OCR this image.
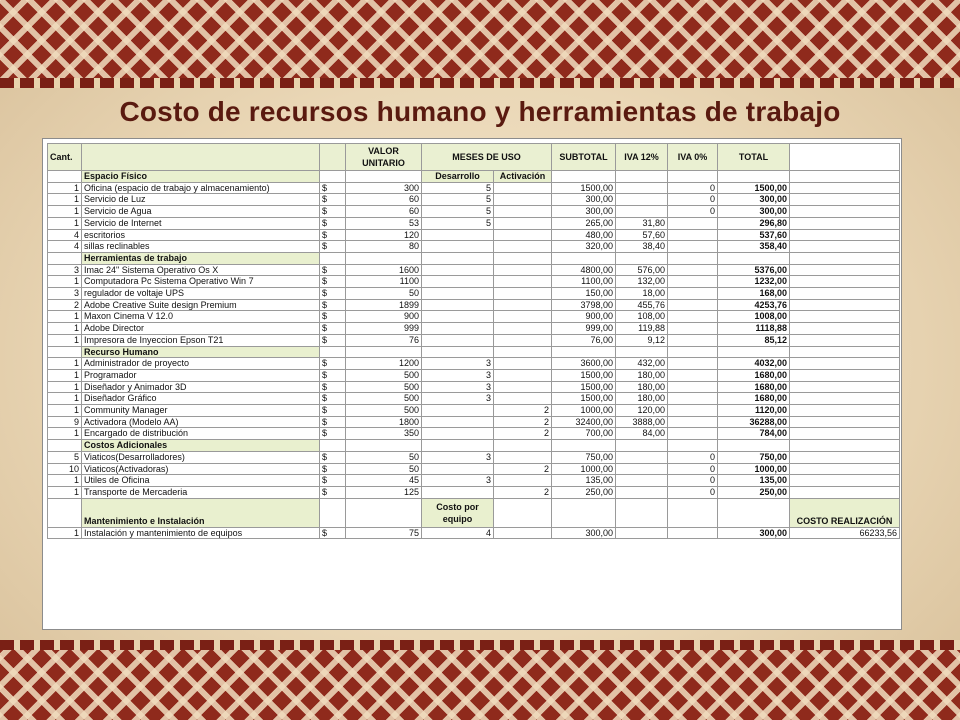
Costo de recursos humano y herramientas de trabajo
Cant.			VALOR UNITARIO	MESES DE USO		SUBTOTAL	IVA 12%	IVA 0%	TOTAL	
	Espacio Físico			Desarrollo	Activación					
1	Oficina (espacio de trabajo y almacenamiento)	$	300	5		1500,00		0	1500,00	
1	Servicio de Luz	$	60	5		300,00		0	300,00	
1	Servicio de Agua	$	60	5		300,00		0	300,00	
1	Servicio de Internet	$	53	5		265,00	31,80		296,80	
4	escritorios	$	120			480,00	57,60		537,60	
4	sillas reclinables	$	80			320,00	38,40		358,40	
	Herramientas de trabajo									
3	Imac 24" Sistema Operativo Os X	$	1600			4800,00	576,00		5376,00	
1	Computadora Pc Sistema Operativo Win 7	$	1100			1100,00	132,00		1232,00	
3	regulador de voltaje UPS	$	50			150,00	18,00		168,00	
2	Adobe Creative Suite design Premium	$	1899			3798,00	455,76		4253,76	
1	Maxon Cinema V 12.0	$	900			900,00	108,00		1008,00	
1	Adobe Director	$	999			999,00	119,88		1118,88	
1	Impresora de Inyeccion Epson T21	$	76			76,00	9,12		85,12	
	Recurso Humano									
1	Administrador de proyecto	$	1200	3		3600,00	432,00		4032,00	
1	Programador	$	500	3		1500,00	180,00		1680,00	
1	Diseñador y Animador 3D	$	500	3		1500,00	180,00		1680,00	
1	Diseñador Gráfico	$	500	3		1500,00	180,00		1680,00	
1	Community Manager	$	500		2	1000,00	120,00		1120,00	
9	Activadora (Modelo AA)	$	1800		2	32400,00	3888,00		36288,00	
1	Encargado de distribución	$	350		2	700,00	84,00		784,00	
	Costos Adicionales									
5	Viaticos(Desarrolladores)	$	50	3		750,00		0	750,00	
10	Viaticos(Activadoras)	$	50		2	1000,00		0	1000,00	
1	Utiles de Oficina	$	45	3		135,00		0	135,00	
1	Transporte de Mercaderia	$	125		2	250,00		0	250,00	
	Mantenimiento e Instalación			Costo por equipo						COSTO REALIZACIÓN
1	Instalación y mantenimiento de equipos	$	75	4		300,00			300,00	66233,56
